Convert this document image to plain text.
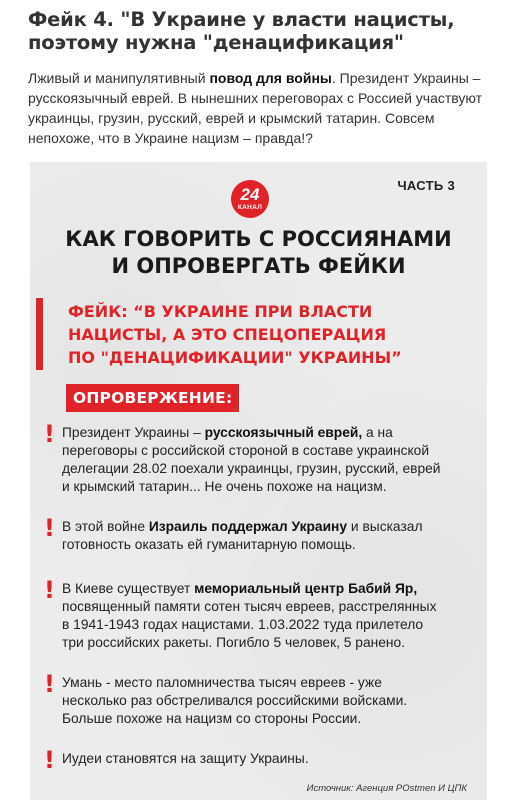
Фейк 4. "В Украине у власти нацисты,
поэтому нужна "денацификация"
Лживый и манипулятивный повод для войны. Президент Украины – русскоязычный еврей. В нынешних переговорах с Россией участвуют украинцы, грузин, русский, еврей и крымский татарин. Совсем непохоже, что в Украине нацизм – правда!?
24
КАНАЛ
ЧАСТЬ 3
КАК ГОВОРИТЬ С РОССИЯНАМИ
И ОПРОВЕРГАТЬ ФЕЙКИ
ФЕЙК: “В УКРАИНЕ ПРИ ВЛАСТИ
НАЦИСТЫ, А ЭТО СПЕЦОПЕРАЦИЯ
ПО "ДЕНАЦИФИКАЦИИ" УКРАИНЫ”
ОПРОВЕРЖЕНИЕ:
! Президент Украины – русскоязычный еврей, а на переговоры с российской стороной в составе украинской делегации 28.02 поехали украинцы, грузин, русский, еврей и крымский татарин... Не очень похоже на нацизм.
! В этой войне Израиль поддержал Украину и высказал готовность оказать ей гуманитарную помощь.
! В Киеве существует мемориальный центр Бабий Яр, посвященный памяти сотен тысяч евреев, расстрелянных в 1941-1943 годах нацистами. 1.03.2022 туда прилетело три российских ракеты. Погибло 5 человек, 5 ранено.
! Умань - место паломничества тысяч евреев - уже несколько раз обстреливался российскими войсками. Больше похоже на нацизм со стороны России.
! Иудеи становятся на защиту Украины.
Источник: Агенция POstmen И ЦПК
